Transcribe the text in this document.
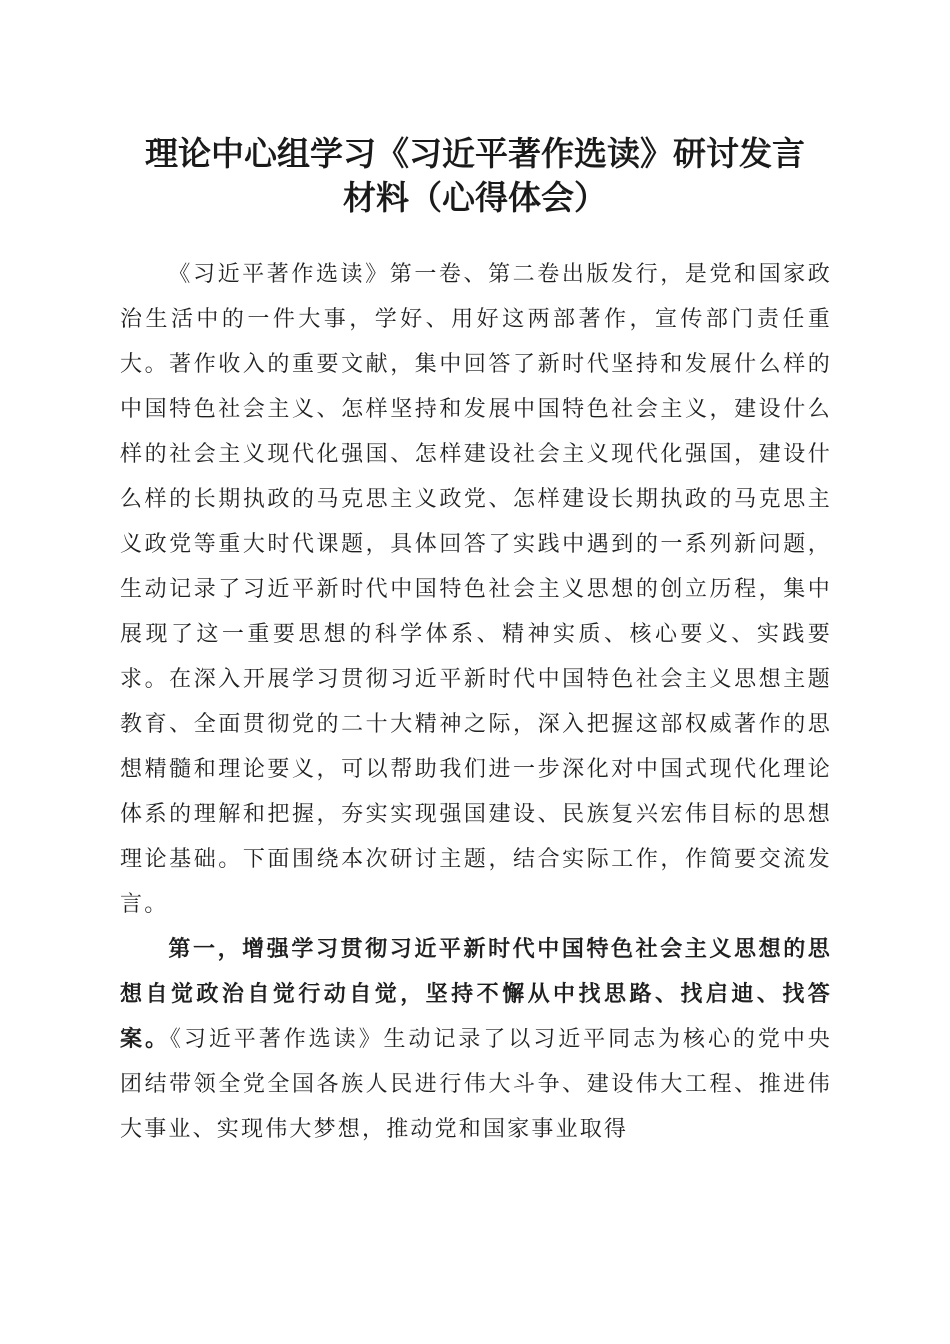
理论中心组学习《习近平著作选读》研讨发言
材料（心得体会）

《习近平著作选读》第一卷、第二卷出版发行，是党和国家政治生活中的一件大事，学好、用好这两部著作，宣传部门责任重大。著作收入的重要文献，集中回答了新时代坚持和发展什么样的中国特色社会主义、怎样坚持和发展中国特色社会主义，建设什么样的社会主义现代化强国、怎样建设社会主义现代化强国，建设什么样的长期执政的马克思主义政党、怎样建设长期执政的马克思主义政党等重大时代课题，具体回答了实践中遇到的一系列新问题，生动记录了习近平新时代中国特色社会主义思想的创立历程，集中展现了这一重要思想的科学体系、精神实质、核心要义、实践要求。在深入开展学习贯彻习近平新时代中国特色社会主义思想主题教育、全面贯彻党的二十大精神之际，深入把握这部权威著作的思想精髓和理论要义，可以帮助我们进一步深化对中国式现代化理论体系的理解和把握，夯实实现强国建设、民族复兴宏伟目标的思想理论基础。下面围绕本次研讨主题，结合实际工作，作简要交流发言。

第一，增强学习贯彻习近平新时代中国特色社会主义思想的思想自觉政治自觉行动自觉，坚持不懈从中找思路、找启迪、找答案。《习近平著作选读》生动记录了以习近平同志为核心的党中央团结带领全党全国各族人民进行伟大斗争、建设伟大工程、推进伟大事业、实现伟大梦想，推动党和国家事业取得
